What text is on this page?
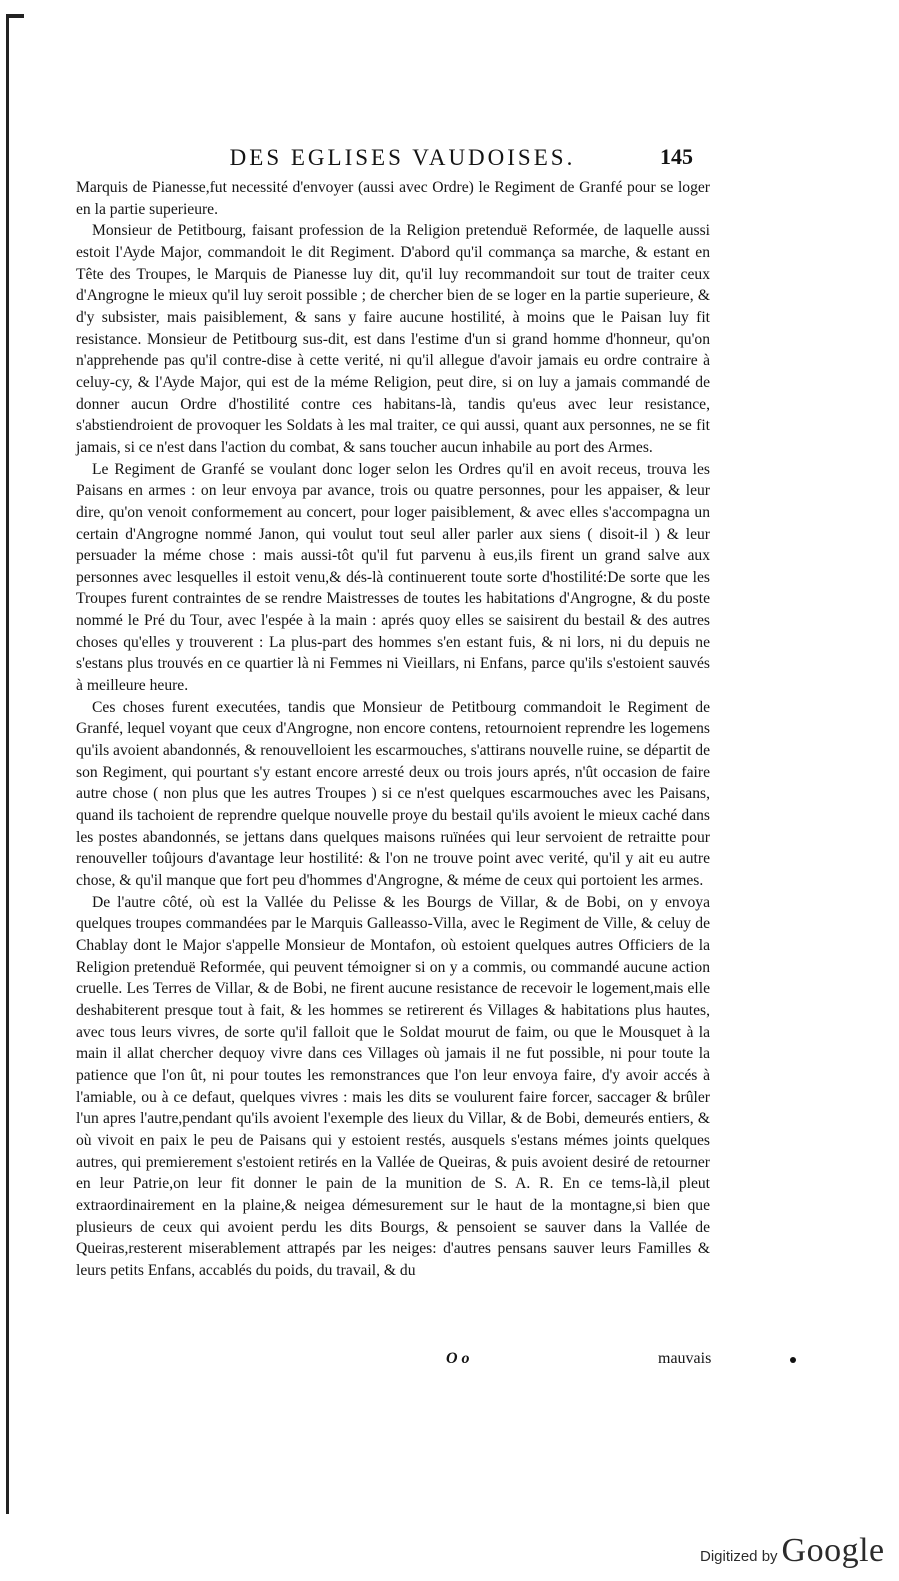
DES EGLISES VAUDOISES.	145

Marquis de Pianesse,fut necessité d'envoyer (aussi avec Ordre) le Regiment de Granfé pour se loger en la partie superieure.

Monsieur de Petitbourg, faisant profession de la Religion pretenduë Reformée, de laquelle aussi estoit l'Ayde Major, commandoit le dit Regiment. D'abord qu'il commança sa marche, & estant en Tête des Troupes, le Marquis de Pianesse luy dit, qu'il luy recommandoit sur tout de traiter ceux d'Angrogne le mieux qu'il luy seroit possible ; de chercher bien de se loger en la partie superieure, & d'y subsister, mais paisiblement, & sans y faire aucune hostilité, à moins que le Paisan luy fit resistance. Monsieur de Petitbourg sus-dit, est dans l'estime d'un si grand homme d'honneur, qu'on n'apprehende pas qu'il contre-dise à cette verité, ni qu'il allegue d'avoir jamais eu ordre contraire à celuy-cy, & l'Ayde Major, qui est de la méme Religion, peut dire, si on luy a jamais commandé de donner aucun Ordre d'hostilité contre ces habitans-là, tandis qu'eus avec leur resistance, s'abstiendroient de provoquer les Soldats à les mal traiter, ce qui aussi, quant aux personnes, ne se fit jamais, si ce n'est dans l'action du combat, & sans toucher aucun inhabile au port des Armes.

Le Regiment de Granfé se voulant donc loger selon les Ordres qu'il en avoit receus, trouva les Paisans en armes : on leur envoya par avance, trois ou quatre personnes, pour les appaiser, & leur dire, qu'on venoit conformement au concert, pour loger paisiblement, & avec elles s'accompagna un certain d'Angrogne nommé Janon, qui voulut tout seul aller parler aux siens ( disoit-il ) & leur persuader la méme chose : mais aussi-tôt qu'il fut parvenu à eus,ils firent un grand salve aux personnes avec lesquelles il estoit venu,& dés-là continuerent toute sorte d'hostilité:De sorte que les Troupes furent contraintes de se rendre Maistresses de toutes les habitations d'Angrogne, & du poste nommé le Pré du Tour, avec l'espée à la main : aprés quoy elles se saisirent du bestail & des autres choses qu'elles y trouverent : La plus-part des hommes s'en estant fuis, & ni lors, ni du depuis ne s'estans plus trouvés en ce quartier là ni Femmes ni Vieillars, ni Enfans, parce qu'ils s'estoient sauvés à meilleure heure.

Ces choses furent executées, tandis que Monsieur de Petitbourg commandoit le Regiment de Granfé, lequel voyant que ceux d'Angrogne, non encore contens, retournoient reprendre les logemens qu'ils avoient abandonnés, & renouvelloient les escarmouches, s'attirans nouvelle ruine, se départit de son Regiment, qui pourtant s'y estant encore arresté deux ou trois jours aprés, n'ût occasion de faire autre chose ( non plus que les autres Troupes ) si ce n'est quelques escarmouches avec les Paisans, quand ils tachoient de reprendre quelque nouvelle proye du bestail qu'ils avoient le mieux caché dans les postes abandonnés, se jettans dans quelques maisons ruïnées qui leur servoient de retraitte pour renouveller toûjours d'avantage leur hostilité: & l'on ne trouve point avec verité, qu'il y ait eu autre chose, & qu'il manque que fort peu d'hommes d'Angrogne, & méme de ceux qui portoient les armes.

De l'autre côté, où est la Vallée du Pelisse & les Bourgs de Villar, & de Bobi, on y envoya quelques troupes commandées par le Marquis Galleasso-Villa, avec le Regiment de Ville, & celuy de Chablay dont le Major s'appelle Monsieur de Montafon, où estoient quelques autres Officiers de la Religion pretenduë Reformée, qui peuvent témoigner si on y a commis, ou commandé aucune action cruelle. Les Terres de Villar, & de Bobi, ne firent aucune resistance de recevoir le logement,mais elle deshabiterent presque tout à fait, & les hommes se retirerent és Villages & habitations plus hautes, avec tous leurs vivres, de sorte qu'il falloit que le Soldat mourut de faim, ou que le Mousquet à la main il allat chercher dequoy vivre dans ces Villages où jamais il ne fut possible, ni pour toute la patience que l'on ût, ni pour toutes les remonstrances que l'on leur envoya faire, d'y avoir accés à l'amiable, ou à ce defaut, quelques vivres : mais les dits se voulurent faire forcer, saccager & brûler l'un apres l'autre,pendant qu'ils avoient l'exemple des lieux du Villar, & de Bobi, demeurés entiers, & où vivoit en paix le peu de Paisans qui y estoient restés, ausquels s'estans mémes joints quelques autres, qui premierement s'estoient retirés en la Vallée de Queiras, & puis avoient desiré de retourner en leur Patrie,on leur fit donner le pain de la munition de S. A. R. En ce tems-là,il pleut extraordinairement en la plaine,& neigea démesurement sur le haut de la montagne,si bien que plusieurs de ceux qui avoient perdu les dits Bourgs, & pensoient se sauver dans la Vallée de Queiras,resterent miserablement attrapés par les neiges: d'autres pensans sauver leurs Familles & leurs petits Enfans, accablés du poids, du travail, & du

O o	mauvais
Digitized by Google
